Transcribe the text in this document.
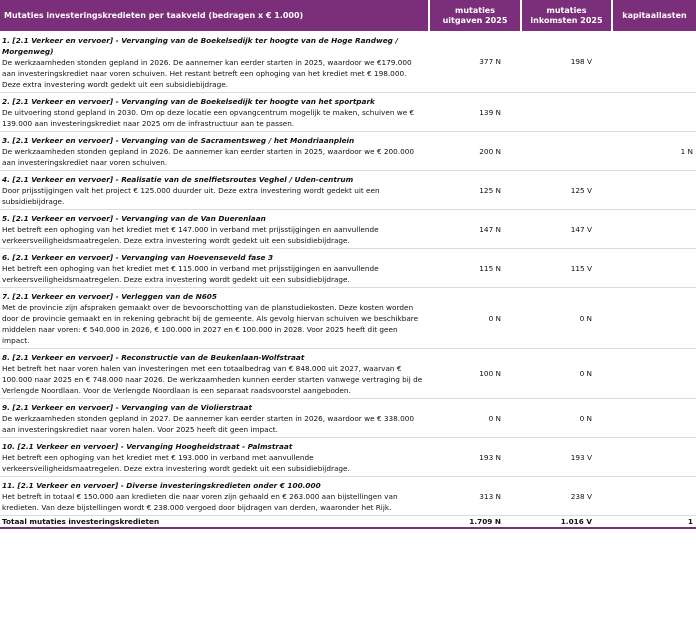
Mutaties investeringskredieten per taakveld (bedragen x € 1.000)	mutaties uitgaven 2025	mutaties inkomsten 2025	kapitaallasten

1. [2.1 Verkeer en vervoer] - Vervanging van de Boekelsedijk ter hoogte van de Hoge Randweg / Morgenweg)
De werkzaamheden stonden gepland in 2026. De aannemer kan eerder starten in 2025, waardoor we €179.000 aan investeringskrediet naar voren schuiven. Het restant betreft een ophoging van het krediet met € 198.000. Deze extra investering wordt gedekt uit een subsidiebijdrage.	377 N	198 V	

2. [2.1 Verkeer en vervoer] - Vervanging van de Boekelsedijk ter hoogte van het sportpark
De uitvoering stond gepland in 2030. Om op deze locatie een opvangcentrum mogelijk te maken, schuiven we € 139.000 aan investeringskrediet naar 2025 om de infrastructuur aan te passen.	139 N		

3. [2.1 Verkeer en vervoer] - Vervanging van de Sacramentsweg / het Mondriaanplein
De werkzaamheden stonden gepland in 2026. De aannemer kan eerder starten in 2025, waardoor we € 200.000 aan investeringskrediet naar voren schuiven.	200 N		1 N

4. [2.1 Verkeer en vervoer] - Realisatie van de snelfietsroutes Veghel / Uden-centrum
Door prijsstijgingen valt het project € 125.000 duurder uit. Deze extra investering wordt gedekt uit een subsidiebijdrage.	125 N	125 V	

5. [2.1 Verkeer en vervoer] - Vervanging van de Van Duerenlaan
Het betreft een ophoging van het krediet met € 147.000 in verband met prijsstijgingen en aanvullende verkeersveiligheidsmaatregelen. Deze extra investering wordt gedekt uit een subsidiebijdrage.	147 N	147 V	

6. [2.1 Verkeer en vervoer] - Vervanging van Hoevenseveld fase 3
Het betreft een ophoging van het krediet met € 115.000 in verband met prijsstijgingen en aanvullende verkeersveiligheidsmaatregelen. Deze extra investering wordt gedekt uit een subsidiebijdrage.	115 N	115 V	

7. [2.1 Verkeer en vervoer] - Verleggen van de N605
Met de provincie zijn afspraken gemaakt over de bevoorschotting van de planstudiekosten. Deze kosten worden door de provincie gemaakt en in rekening gebracht bij de gemeente. Als gevolg hiervan schuiven we beschikbare middelen naar voren: € 540.000 in 2026, € 100.000 in 2027 en € 100.000 in 2028. Voor 2025 heeft dit geen impact.	0 N	0 N	

8. [2.1 Verkeer en vervoer] - Reconstructie van de Beukenlaan-Wolfstraat
Het betreft het naar voren halen van investeringen met een totaalbedrag van € 848.000 uit 2027, waarvan € 100.000 naar 2025 en € 748.000 naar 2026. De werkzaamheden kunnen eerder starten vanwege vertraging bij de Verlengde Noordlaan. Voor de Verlengde Noordlaan is een separaat raadsvoorstel aangeboden.	100 N	0 N	

9. [2.1 Verkeer en vervoer] - Vervanging van de Violierstraat
De werkzaamheden stonden gepland in 2027. De aannemer kan eerder starten in 2026, waardoor we € 338.000 aan investeringskrediet naar voren halen. Voor 2025 heeft dit geen impact.	0 N	0 N	

10. [2.1 Verkeer en vervoer] - Vervanging Hoogheidstraat - Palmstraat
Het betreft een ophoging van het krediet met € 193.000 in verband met aanvullende verkeersveiligheidsmaatregelen. Deze extra investering wordt gedekt uit een subsidiebijdrage.	193 N	193 V	

11. [2.1 Verkeer en vervoer] - Diverse investeringskredieten onder € 100.000
Het betreft in totaal € 150.000 aan kredieten die naar voren zijn gehaald en € 263.000 aan bijstellingen van kredieten. Van deze bijstellingen wordt € 238.000 vergoed door bijdragen van derden, waaronder het Rijk.	313 N	238 V	
Totaal mutaties investeringskredieten	1.709 N	1.016 V	1
